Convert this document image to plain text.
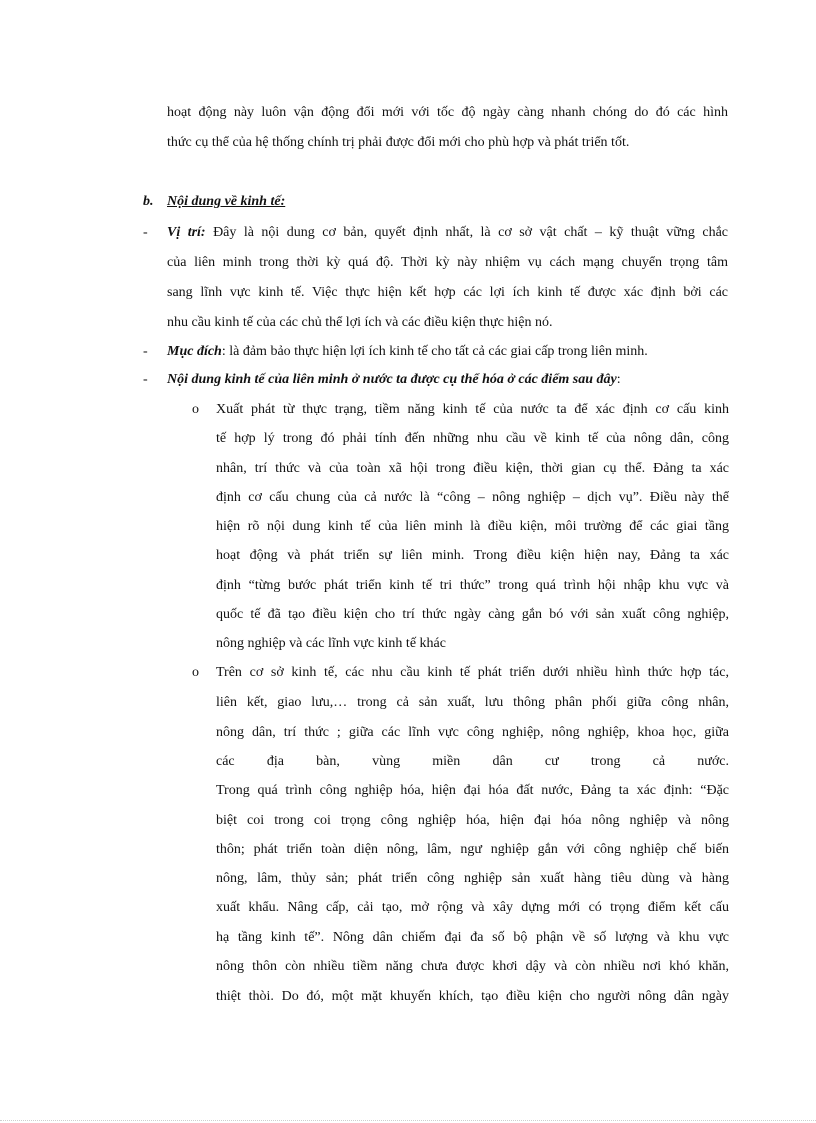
hoạt động này luôn vận động đổi mới với tốc độ ngày càng nhanh chóng do đó các hình
thức cụ thể của hệ thống chính trị phải được đổi mới cho phù hợp và phát triển tốt.
b. Nội dung về kinh tế:
- Vị trí: Đây là nội dung cơ bản, quyết định nhất, là cơ sở vật chất – kỹ thuật vững chắc
của liên minh trong thời kỳ quá độ. Thời kỳ này nhiệm vụ cách mạng chuyển trọng tâm
sang lĩnh vực kinh tế. Việc thực hiện kết hợp các lợi ích kinh tế được xác định bởi các
nhu cầu kinh tế của các chủ thể lợi ích và các điều kiện thực hiện nó.
- Mục đích: là đảm bảo thực hiện lợi ích kinh tế cho tất cả các giai cấp trong liên minh.
- Nội dung kinh tế của liên minh ở nước ta được cụ thể hóa ở các điểm sau đây:
o Xuất phát từ thực trạng, tiềm năng kinh tế của nước ta để xác định cơ cấu kinh
tế hợp lý trong đó phải tính đến những nhu cầu về kinh tế của nông dân, công
nhân, trí thức và của toàn xã hội trong điều kiện, thời gian cụ thể. Đảng ta xác
định cơ cấu chung của cả nước là “công – nông nghiệp – dịch vụ”. Điều này thể
hiện rõ nội dung kinh tế của liên minh là điều kiện, môi trường để các giai tầng
hoạt động và phát triển sự liên minh. Trong điều kiện hiện nay, Đảng ta xác
định “từng bước phát triển kinh tế tri thức” trong quá trình hội nhập khu vực và
quốc tế đã tạo điều kiện cho trí thức ngày càng gắn bó với sản xuất công nghiệp,
nông nghiệp và các lĩnh vực kinh tế khác
o Trên cơ sở kinh tế, các nhu cầu kinh tế phát triển dưới nhiều hình thức hợp tác,
liên kết, giao lưu,… trong cả sản xuất, lưu thông phân phối giữa công nhân,
nông dân, trí thức ; giữa các lĩnh vực công nghiệp, nông nghiệp, khoa học, giữa
các địa bàn, vùng miền dân cư trong cả nước.
Trong quá trình công nghiệp hóa, hiện đại hóa đất nước, Đảng ta xác định: “Đặc
biệt coi trong coi trọng công nghiệp hóa, hiện đại hóa nông nghiệp và nông
thôn; phát triển toàn diện nông, lâm, ngư nghiệp gắn với công nghiệp chế biến
nông, lâm, thủy sản; phát triển công nghiệp sản xuất hàng tiêu dùng và hàng
xuất khẩu. Nâng cấp, cải tạo, mở rộng và xây dựng mới có trọng điểm kết cấu
hạ tầng kinh tế”. Nông dân chiếm đại đa số bộ phận về số lượng và khu vực
nông thôn còn nhiều tiềm năng chưa được khơi dậy và còn nhiều nơi khó khăn,
thiệt thòi. Do đó, một mặt khuyến khích, tạo điều kiện cho người nông dân ngày
